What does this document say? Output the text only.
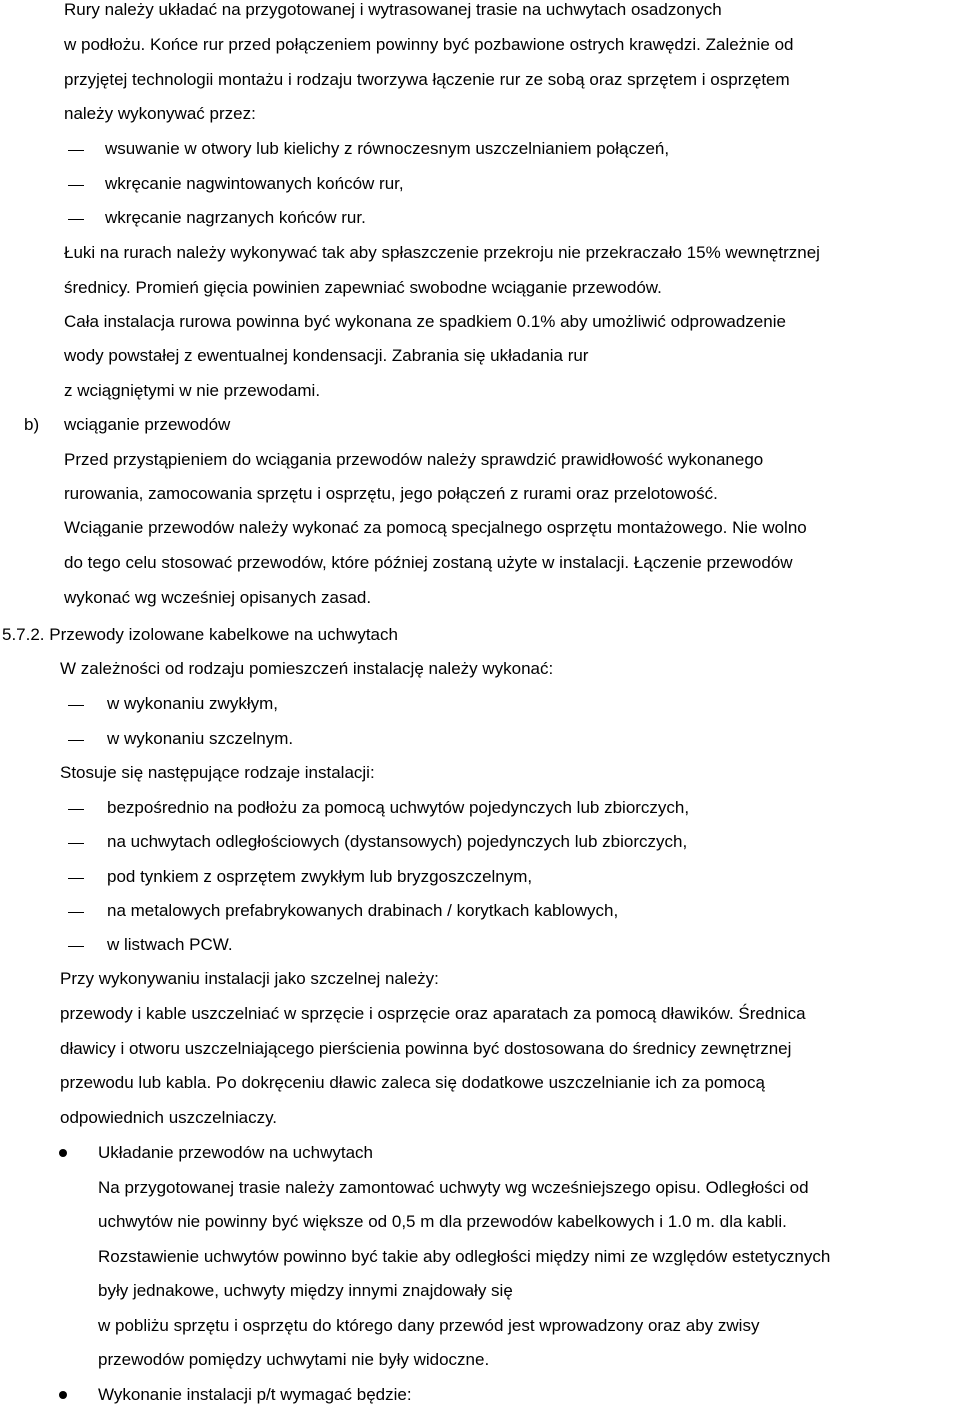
Rury należy układać na przygotowanej i wytrasowanej trasie na uchwytach osadzonych
w podłożu. Końce rur przed połączeniem powinny być pozbawione ostrych krawędzi. Zależnie od
przyjętej technologii montażu i rodzaju tworzywa łączenie rur ze sobą oraz sprzętem i osprzętem
należy wykonywać przez:
wsuwanie w otwory lub kielichy z równoczesnym uszczelnianiem połączeń,
wkręcanie nagwintowanych końców rur,
wkręcanie nagrzanych końców rur.
Łuki na rurach należy wykonywać tak aby spłaszczenie przekroju nie przekraczało 15% wewnętrznej
średnicy. Promień gięcia powinien zapewniać swobodne wciąganie przewodów.
Cała instalacja rurowa powinna być wykonana ze spadkiem 0.1% aby umożliwić odprowadzenie
wody powstałej z ewentualnej kondensacji. Zabrania się układania rur
z wciągniętymi w nie przewodami.
b) wciąganie przewodów
Przed przystąpieniem do wciągania przewodów należy sprawdzić prawidłowość wykonanego
rurowania, zamocowania sprzętu i osprzętu, jego połączeń z rurami oraz przelotowość.
Wciąganie przewodów należy wykonać za pomocą specjalnego osprzętu montażowego. Nie wolno
do tego celu stosować przewodów, które później zostaną użyte w instalacji. Łączenie przewodów
wykonać wg wcześniej opisanych zasad.
5.7.2. Przewody izolowane kabelkowe na uchwytach
W zależności od rodzaju pomieszczeń instalację należy wykonać:
w wykonaniu zwykłym,
w wykonaniu szczelnym.
Stosuje się następujące rodzaje instalacji:
bezpośrednio na podłożu za pomocą uchwytów pojedynczych lub zbiorczych,
na uchwytach odległościowych (dystansowych) pojedynczych lub zbiorczych,
pod tynkiem z osprzętem zwykłym lub bryzgoszczelnym,
na metalowych prefabrykowanych drabinach / korytkach kablowych,
w listwach PCW.
Przy wykonywaniu instalacji jako szczelnej należy:
przewody i kable uszczelniać w sprzęcie i osprzęcie oraz aparatach za pomocą dławików. Średnica
dławicy i otworu uszczelniającego pierścienia powinna być dostosowana do średnicy zewnętrznej
przewodu lub kabla. Po dokręceniu dławic zaleca się dodatkowe uszczelnianie ich za pomocą
odpowiednich uszczelniaczy.
Układanie przewodów na uchwytach
Na przygotowanej trasie należy zamontować uchwyty wg wcześniejszego opisu. Odległości od
uchwytów nie powinny być większe od 0,5 m dla przewodów kabelkowych i 1.0 m. dla kabli.
Rozstawienie uchwytów powinno być takie aby odległości między nimi ze względów estetycznych
były jednakowe, uchwyty między innymi znajdowały się
w pobliżu sprzętu i osprzętu do którego dany przewód jest wprowadzony oraz aby zwisy
przewodów pomiędzy uchwytami nie były widoczne.
Wykonanie instalacji p/t wymagać będzie:
